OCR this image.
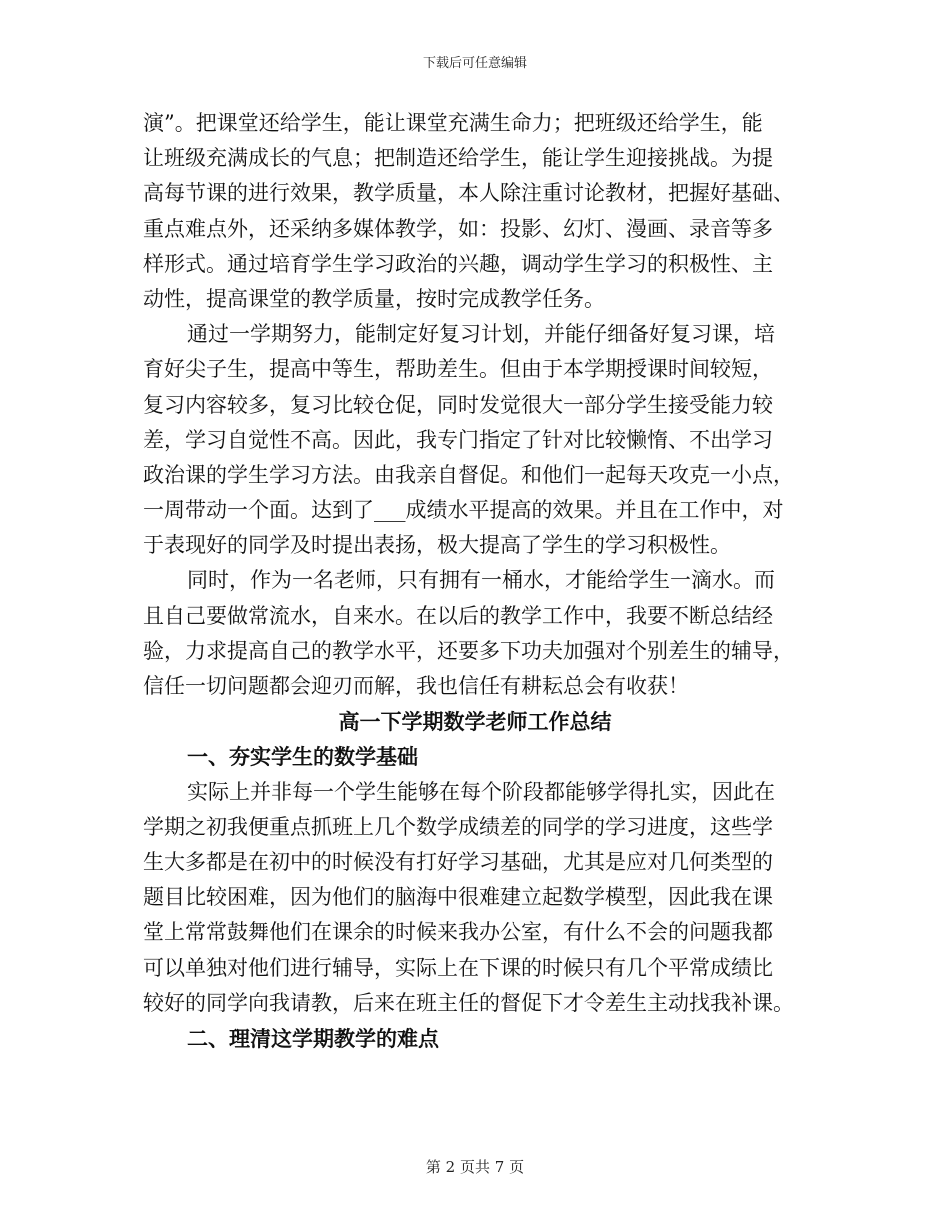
下载后可任意编辑
演”。把课堂还给学生，能让课堂充满生命力；把班级还给学生，能
让班级充满成长的气息；把制造还给学生，能让学生迎接挑战。为提
高每节课的进行效果，教学质量，本人除注重讨论教材，把握好基础、
重点难点外，还采纳多媒体教学，如：投影、幻灯、漫画、录音等多
样形式。通过培育学生学习政治的兴趣，调动学生学习的积极性、主
动性，提高课堂的教学质量，按时完成教学任务。
通过一学期努力，能制定好复习计划，并能仔细备好复习课，培
育好尖子生，提高中等生，帮助差生。但由于本学期授课时间较短，
复习内容较多，复习比较仓促，同时发觉很大一部分学生接受能力较
差，学习自觉性不高。因此，我专门指定了针对比较懒惰、不出学习
政治课的学生学习方法。由我亲自督促。和他们一起每天攻克一小点，
一周带动一个面。达到了___成绩水平提高的效果。并且在工作中，对
于表现好的同学及时提出表扬，极大提高了学生的学习积极性。
同时，作为一名老师，只有拥有一桶水，才能给学生一滴水。而
且自己要做常流水，自来水。在以后的教学工作中，我要不断总结经
验，力求提高自己的教学水平，还要多下功夫加强对个别差生的辅导，
信任一切问题都会迎刃而解，我也信任有耕耘总会有收获！
高一下学期数学老师工作总结
一、夯实学生的数学基础
实际上并非每一个学生能够在每个阶段都能够学得扎实，因此在
学期之初我便重点抓班上几个数学成绩差的同学的学习进度，这些学
生大多都是在初中的时候没有打好学习基础，尤其是应对几何类型的
题目比较困难，因为他们的脑海中很难建立起数学模型，因此我在课
堂上常常鼓舞他们在课余的时候来我办公室，有什么不会的问题我都
可以单独对他们进行辅导，实际上在下课的时候只有几个平常成绩比
较好的同学向我请教，后来在班主任的督促下才令差生主动找我补课。
二、理清这学期教学的难点
第 2 页共 7 页
